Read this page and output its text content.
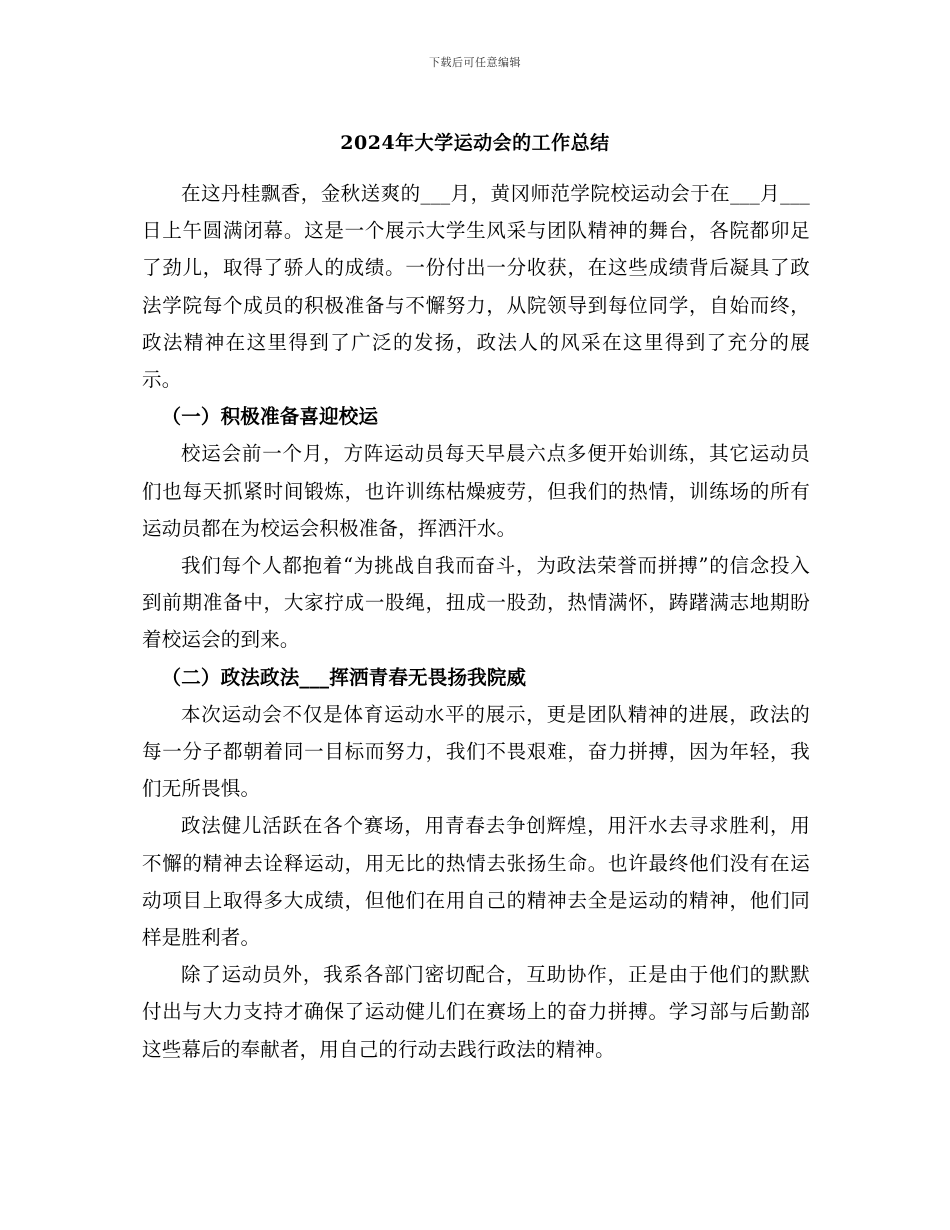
下载后可任意编辑
2024年大学运动会的工作总结

在这丹桂飘香，金秋送爽的___月，黄冈师范学院校运动会于在___月___日上午圆满闭幕。这是一个展示大学生风采与团队精神的舞台，各院都卯足了劲儿，取得了骄人的成绩。一份付出一分收获，在这些成绩背后凝具了政法学院每个成员的积极准备与不懈努力，从院领导到每位同学，自始而终，政法精神在这里得到了广泛的发扬，政法人的风采在这里得到了充分的展示。

（一）积极准备喜迎校运

校运会前一个月，方阵运动员每天早晨六点多便开始训练，其它运动员们也每天抓紧时间锻炼，也许训练枯燥疲劳，但我们的热情，训练场的所有运动员都在为校运会积极准备，挥洒汗水。

我们每个人都抱着“为挑战自我而奋斗，为政法荣誉而拼搏”的信念投入到前期准备中，大家拧成一股绳，扭成一股劲，热情满怀，踌躇满志地期盼着校运会的到来。

（二）政法政法___挥洒青春无畏扬我院威

本次运动会不仅是体育运动水平的展示，更是团队精神的进展，政法的每一分子都朝着同一目标而努力，我们不畏艰难，奋力拼搏，因为年轻，我们无所畏惧。

政法健儿活跃在各个赛场，用青春去争创辉煌，用汗水去寻求胜利，用不懈的精神去诠释运动，用无比的热情去张扬生命。也许最终他们没有在运动项目上取得多大成绩，但他们在用自己的精神去全是运动的精神，他们同样是胜利者。

除了运动员外，我系各部门密切配合，互助协作，正是由于他们的默默付出与大力支持才确保了运动健儿们在赛场上的奋力拼搏。学习部与后勤部这些幕后的奉献者，用自己的行动去践行政法的精神。
